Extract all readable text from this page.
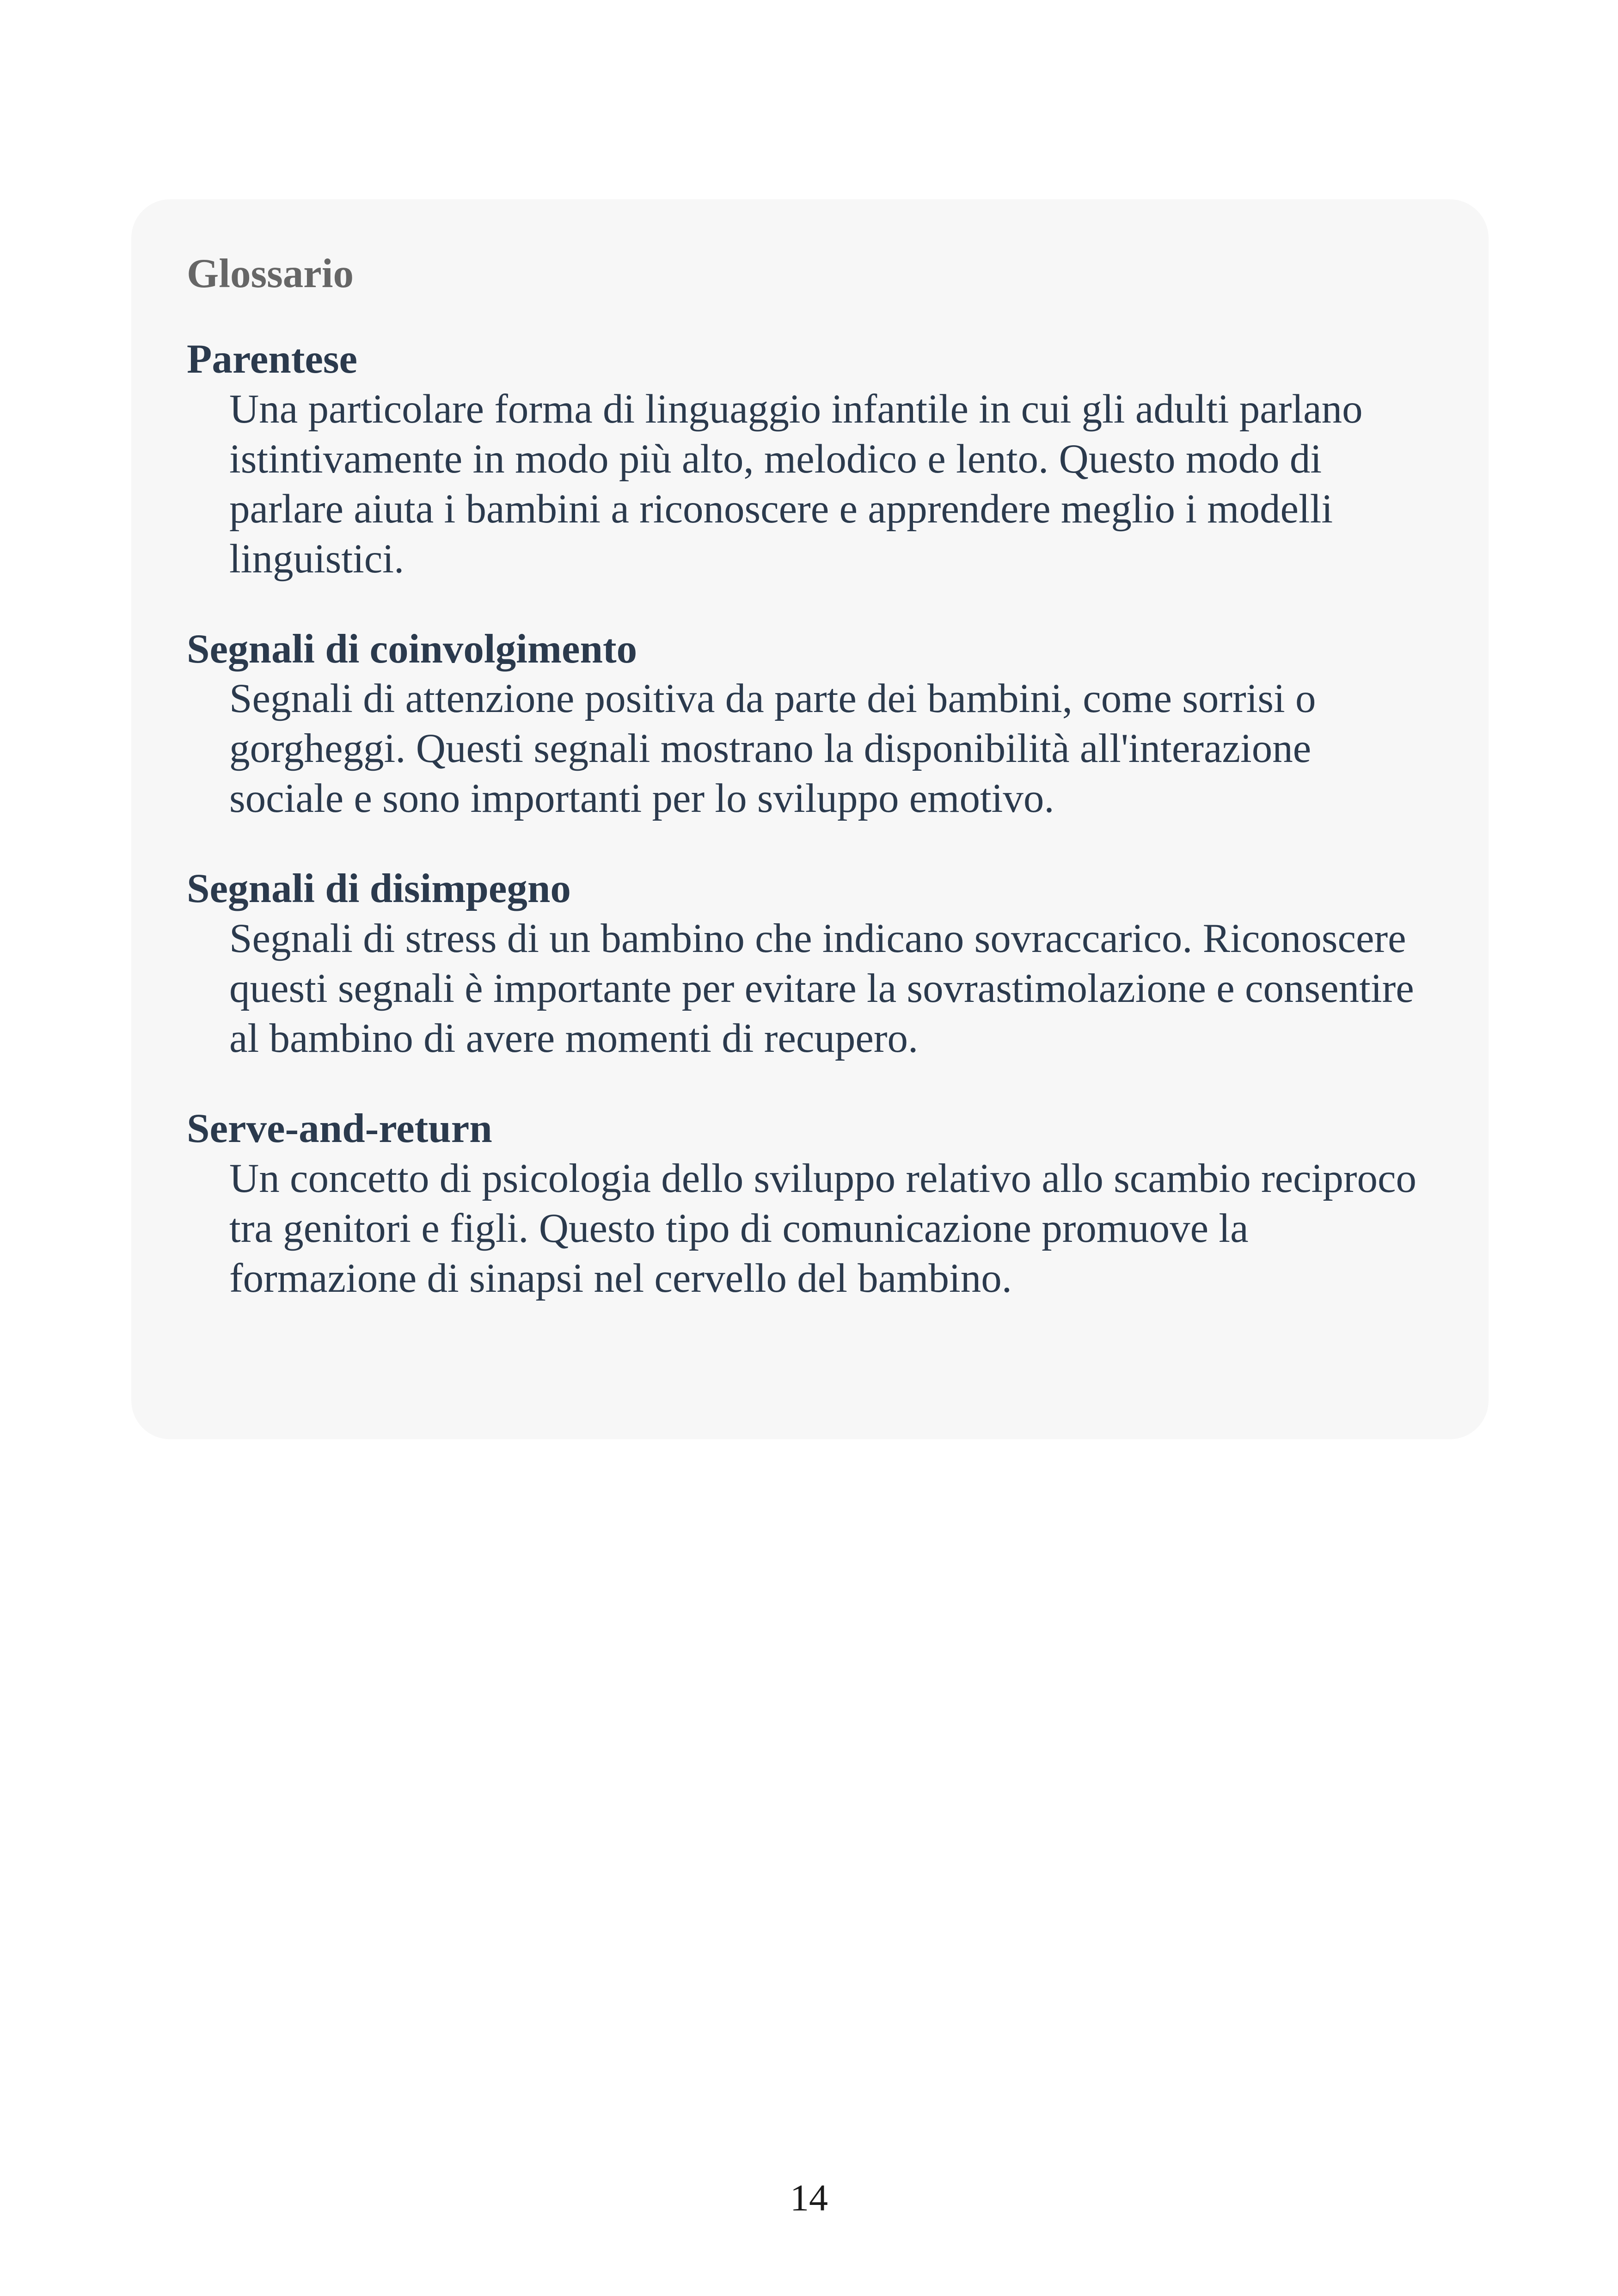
Glossario
Parentese
Una particolare forma di linguaggio infantile in cui gli adulti parlano istintivamente in modo più alto, melodico e lento. Questo modo di parlare aiuta i bambini a riconoscere e apprendere meglio i modelli linguistici.
Segnali di coinvolgimento
Segnali di attenzione positiva da parte dei bambini, come sorrisi o gorgheggi. Questi segnali mostrano la disponibilità all'interazione sociale e sono importanti per lo sviluppo emotivo.
Segnali di disimpegno
Segnali di stress di un bambino che indicano sovraccarico. Riconoscere questi segnali è importante per evitare la sovrastimolazione e consentire al bambino di avere momenti di recupero.
Serve-and-return
Un concetto di psicologia dello sviluppo relativo allo scambio reciproco tra genitori e figli. Questo tipo di comunicazione promuove la formazione di sinapsi nel cervello del bambino.
14
